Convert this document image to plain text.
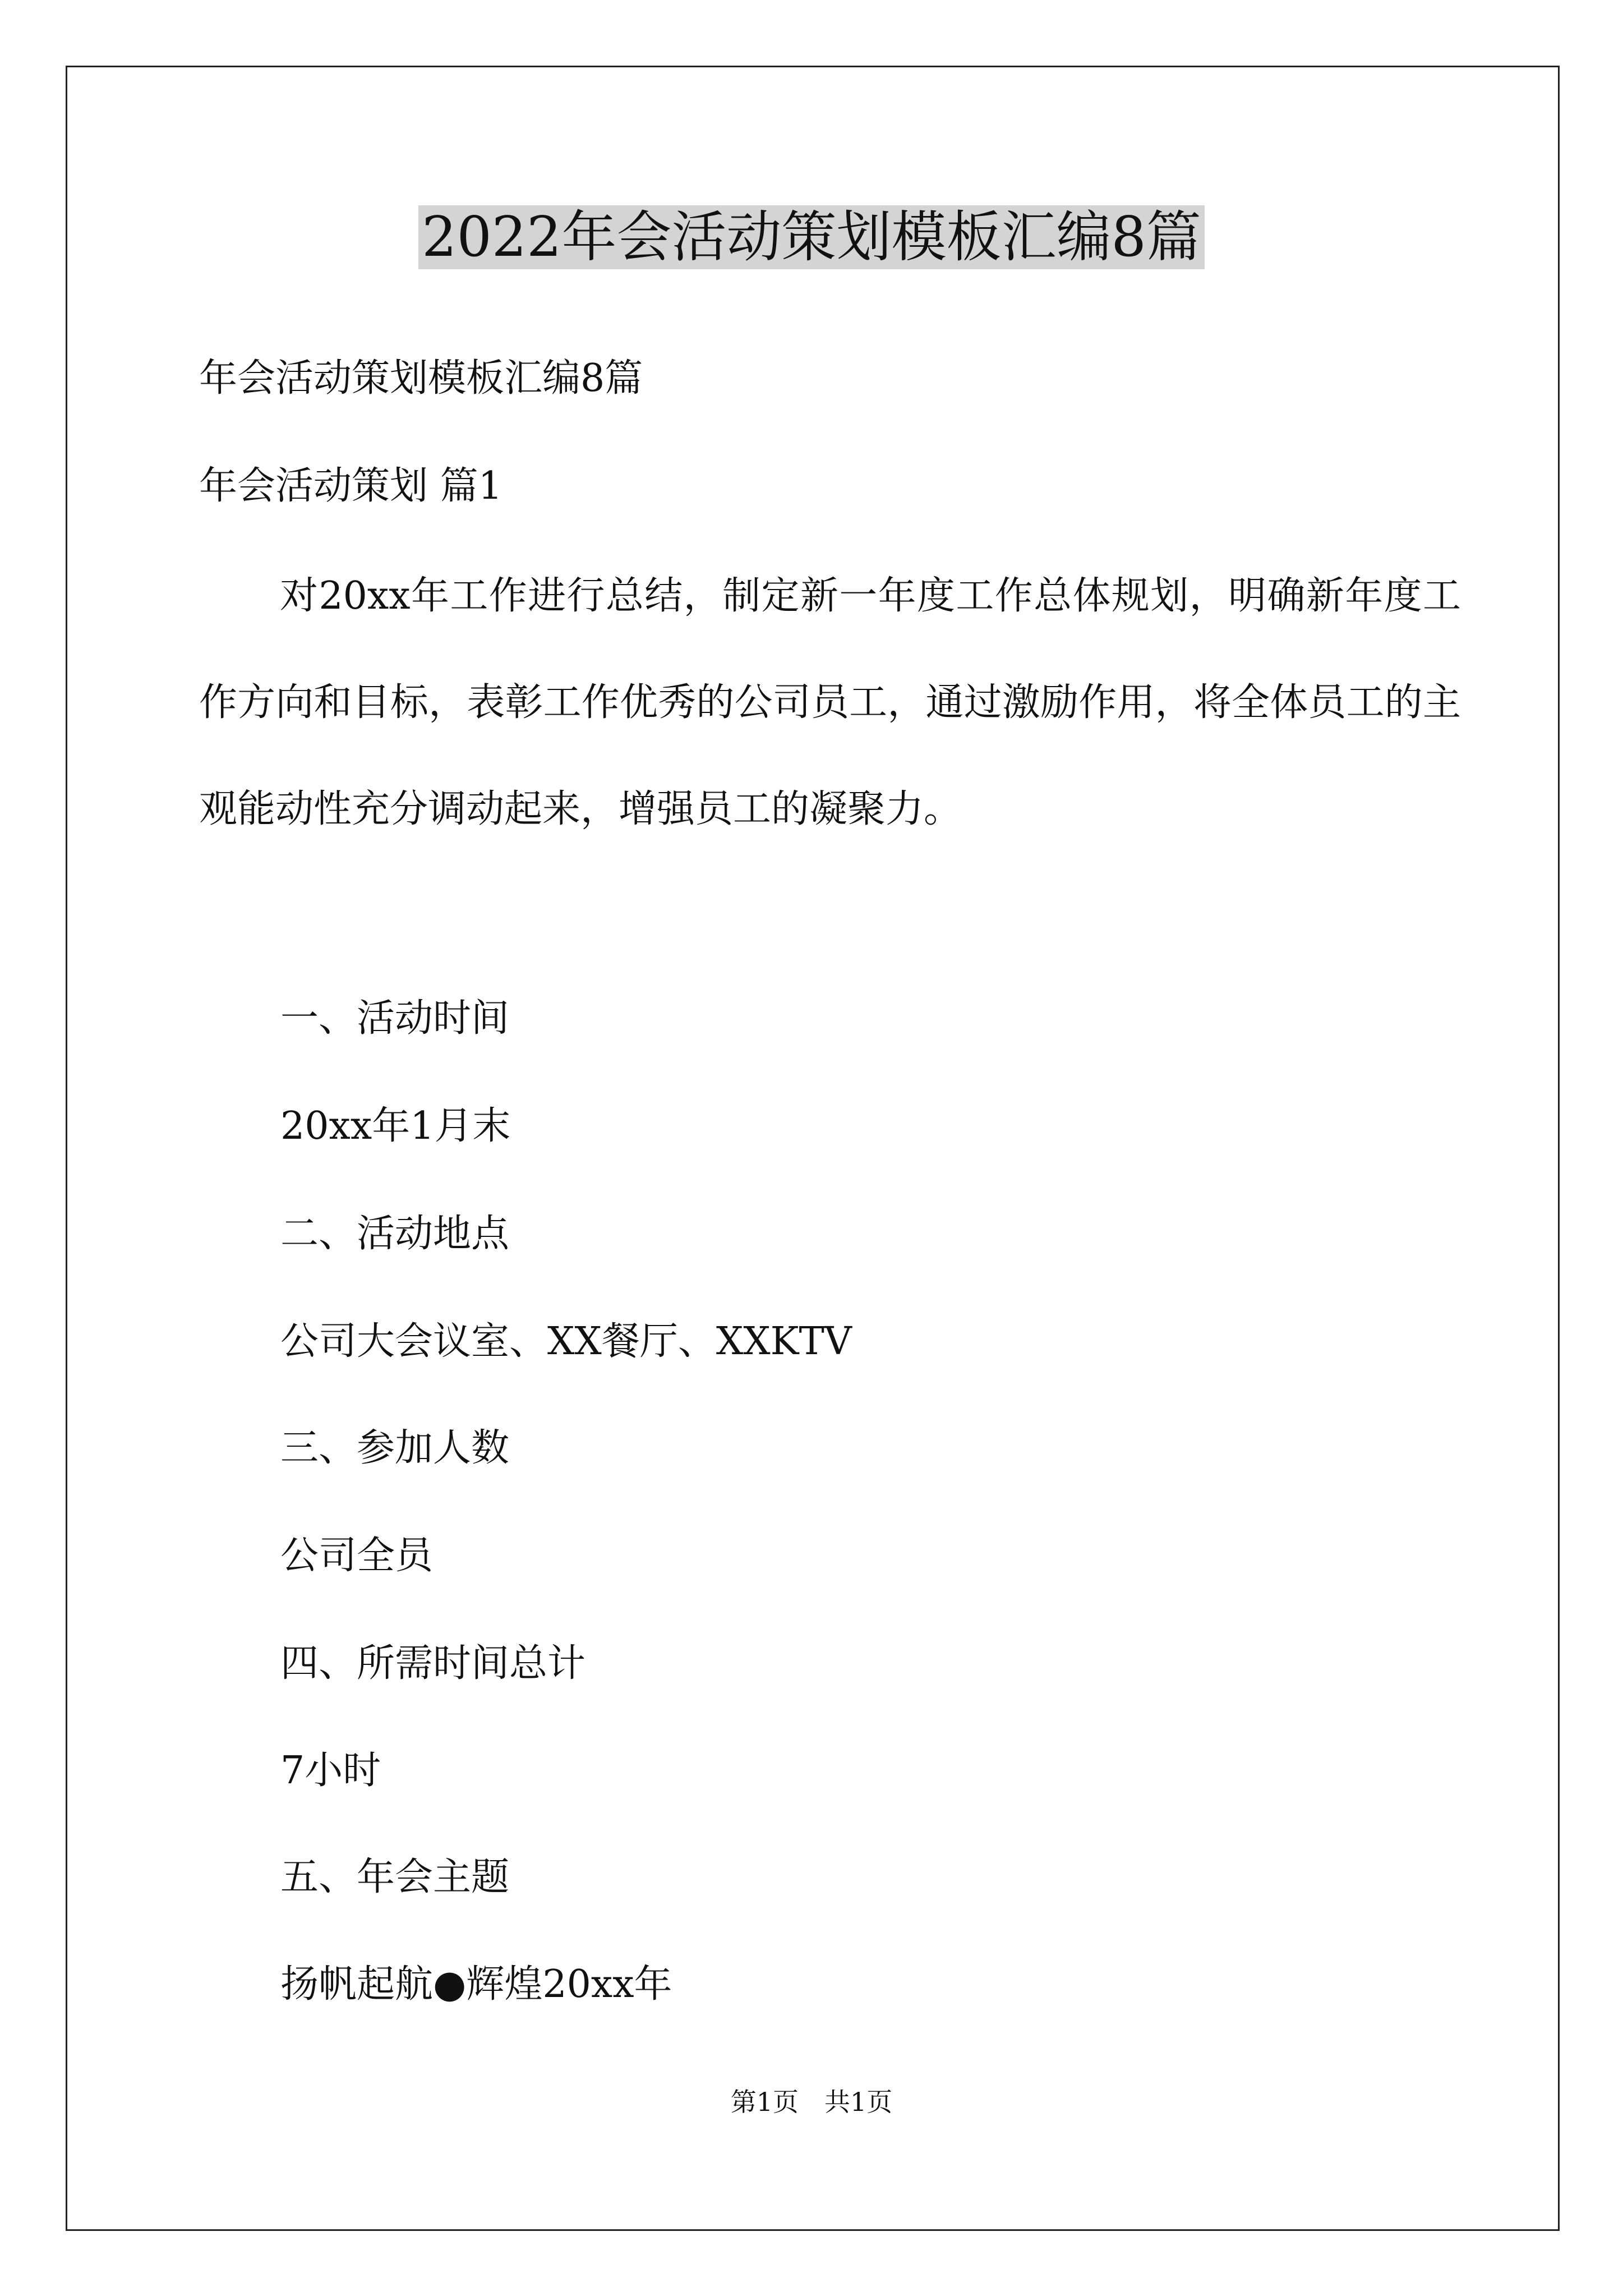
2022年会活动策划模板汇编8篇
年会活动策划模板汇编8篇
年会活动策划 篇1
对20xx年工作进行总结，制定新一年度工作总体规划，明确新年度工作方向和目标，表彰工作优秀的公司员工，通过激励作用，将全体员工的主观能动性充分调动起来，增强员工的凝聚力。
一、活动时间
20xx年1月末
二、活动地点
公司大会议室、XX餐厅、XXKTV
三、参加人数
公司全员
四、所需时间总计
7小时
五、年会主题
扬帆起航●辉煌20xx年
第1页　共1页
